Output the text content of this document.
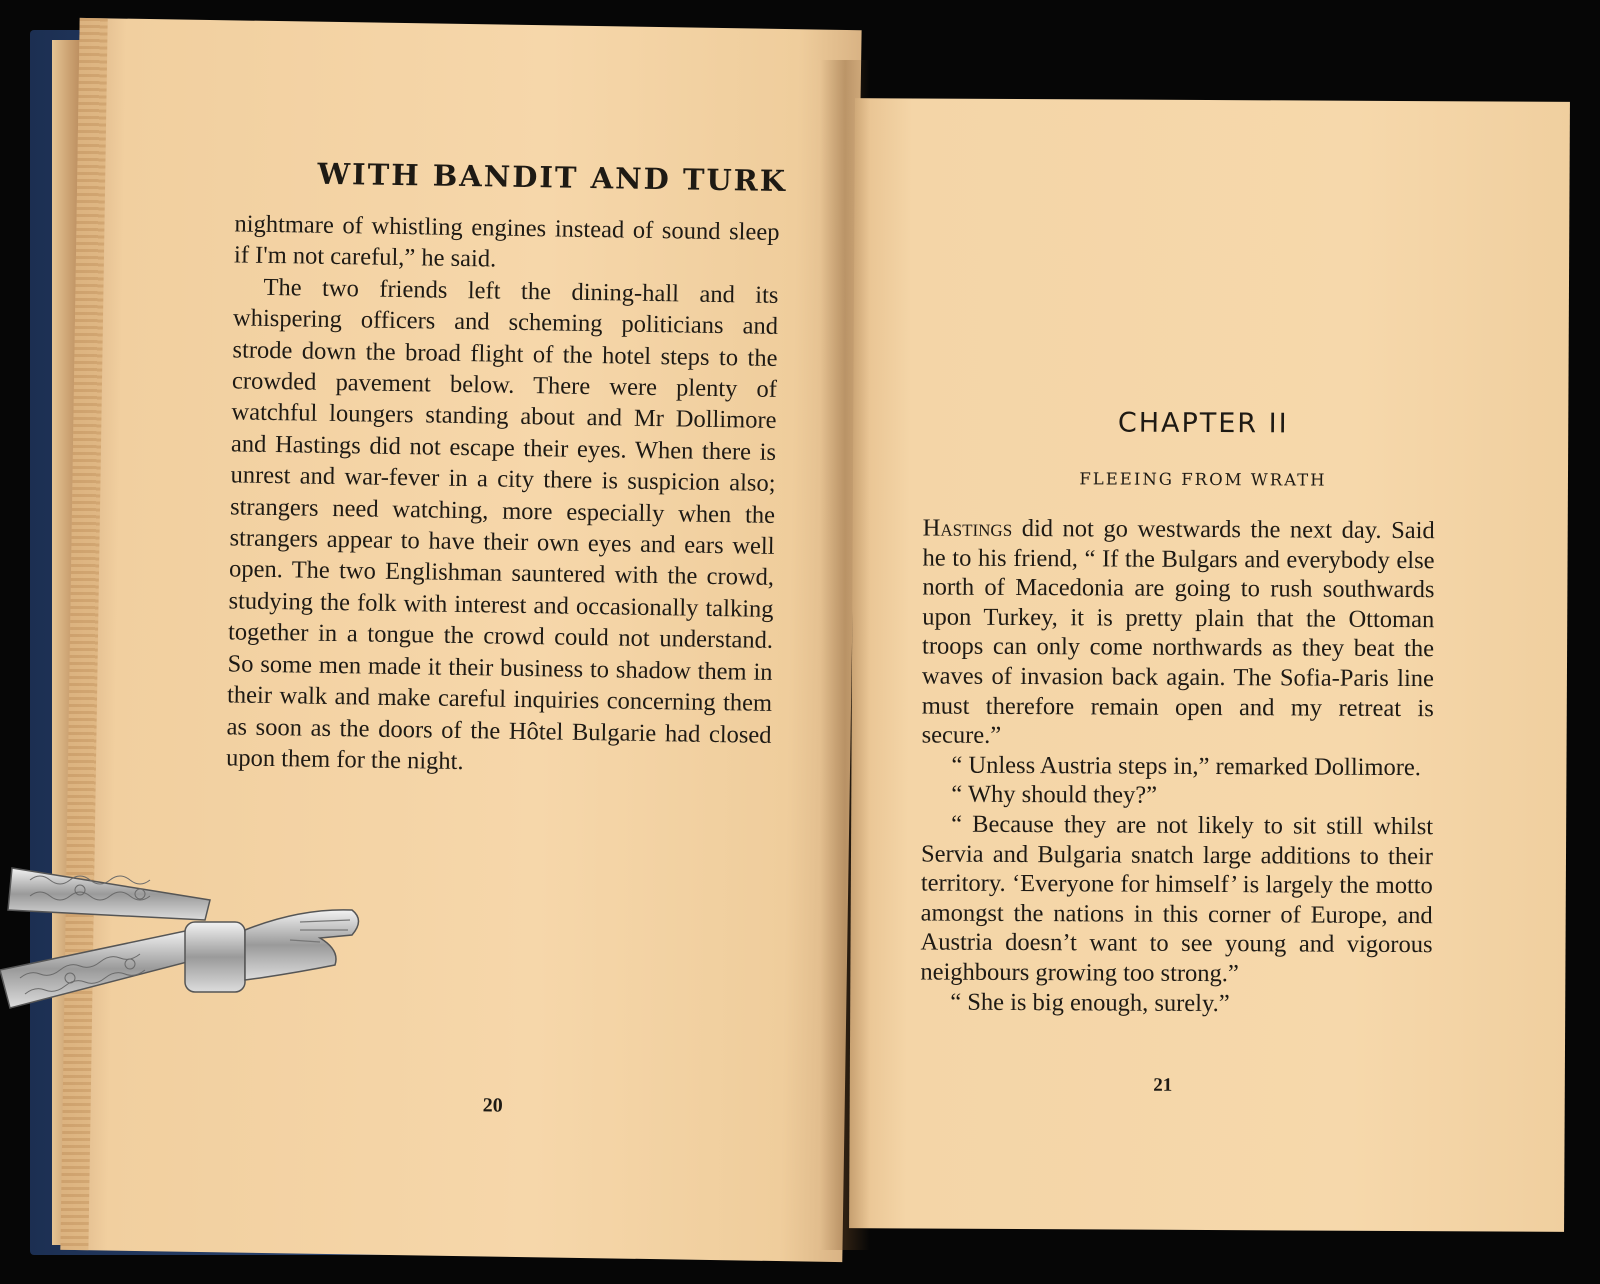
WITH BANDIT AND TURK

nightmare of whistling engines instead of sound sleep if I'm not careful,” he said.

The two friends left the dining-hall and its whispering officers and scheming politicians and strode down the broad flight of the hotel steps to the crowded pavement below. There were plenty of watchful loungers standing about and Mr Dollimore and Hastings did not escape their eyes. When there is unrest and war-fever in a city there is suspicion also; strangers need watching, more especially when the strangers appear to have their own eyes and ears well open. The two Englishman sauntered with the crowd, studying the folk with interest and occasionally talking together in a tongue the crowd could not understand. So some men made it their business to shadow them in their walk and make careful inquiries concerning them as soon as the doors of the Hôtel Bulgarie had closed upon them for the night.

20
CHAPTER II
FLEEING FROM WRATH

Hastings did not go westwards the next day. Said he to his friend, “ If the Bulgars and everybody else north of Macedonia are going to rush southwards upon Turkey, it is pretty plain that the Ottoman troops can only come northwards as they beat the waves of invasion back again. The Sofia-Paris line must therefore remain open and my retreat is secure.”

“ Unless Austria steps in,” remarked Dollimore.

“ Why should they?”

“ Because they are not likely to sit still whilst Servia and Bulgaria snatch large additions to their territory. ‘Everyone for himself’ is largely the motto amongst the nations in this corner of Europe, and Austria doesn’t want to see young and vigorous neighbours growing too strong.”

“ She is big enough, surely.”

21
